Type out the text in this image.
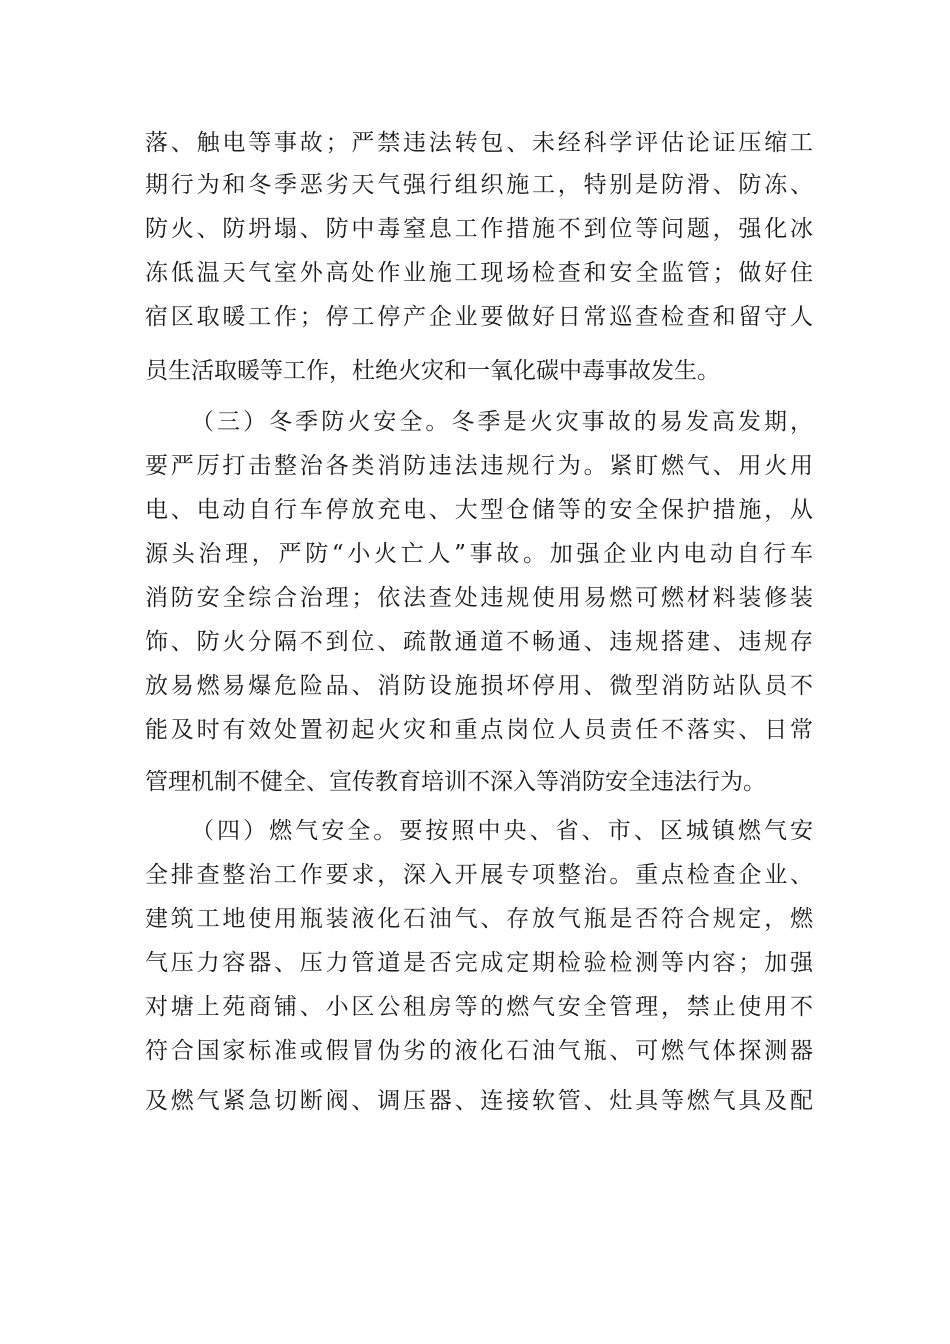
落、触电等事故；严禁违法转包、未经科学评估论证压缩工
期行为和冬季恶劣天气强行组织施工，特别是防滑、防冻、
防火、防坍塌、防中毒窒息工作措施不到位等问题，强化冰
冻低温天气室外高处作业施工现场检查和安全监管；做好住
宿区取暖工作；停工停产企业要做好日常巡查检查和留守人
员生活取暖等工作，杜绝火灾和一氧化碳中毒事故发生。
（三）冬季防火安全。冬季是火灾事故的易发高发期，
要严厉打击整治各类消防违法违规行为。紧盯燃气、用火用
电、电动自行车停放充电、大型仓储等的安全保护措施，从
源头治理，严防“小火亡人”事故。加强企业内电动自行车
消防安全综合治理；依法查处违规使用易燃可燃材料装修装
饰、防火分隔不到位、疏散通道不畅通、违规搭建、违规存
放易燃易爆危险品、消防设施损坏停用、微型消防站队员不
能及时有效处置初起火灾和重点岗位人员责任不落实、日常
管理机制不健全、宣传教育培训不深入等消防安全违法行为。
（四）燃气安全。要按照中央、省、市、区城镇燃气安
全排查整治工作要求，深入开展专项整治。重点检查企业、
建筑工地使用瓶装液化石油气、存放气瓶是否符合规定，燃
气压力容器、压力管道是否完成定期检验检测等内容；加强
对塘上苑商铺、小区公租房等的燃气安全管理，禁止使用不
符合国家标准或假冒伪劣的液化石油气瓶、可燃气体探测器
及燃气紧急切断阀、调压器、连接软管、灶具等燃气具及配
